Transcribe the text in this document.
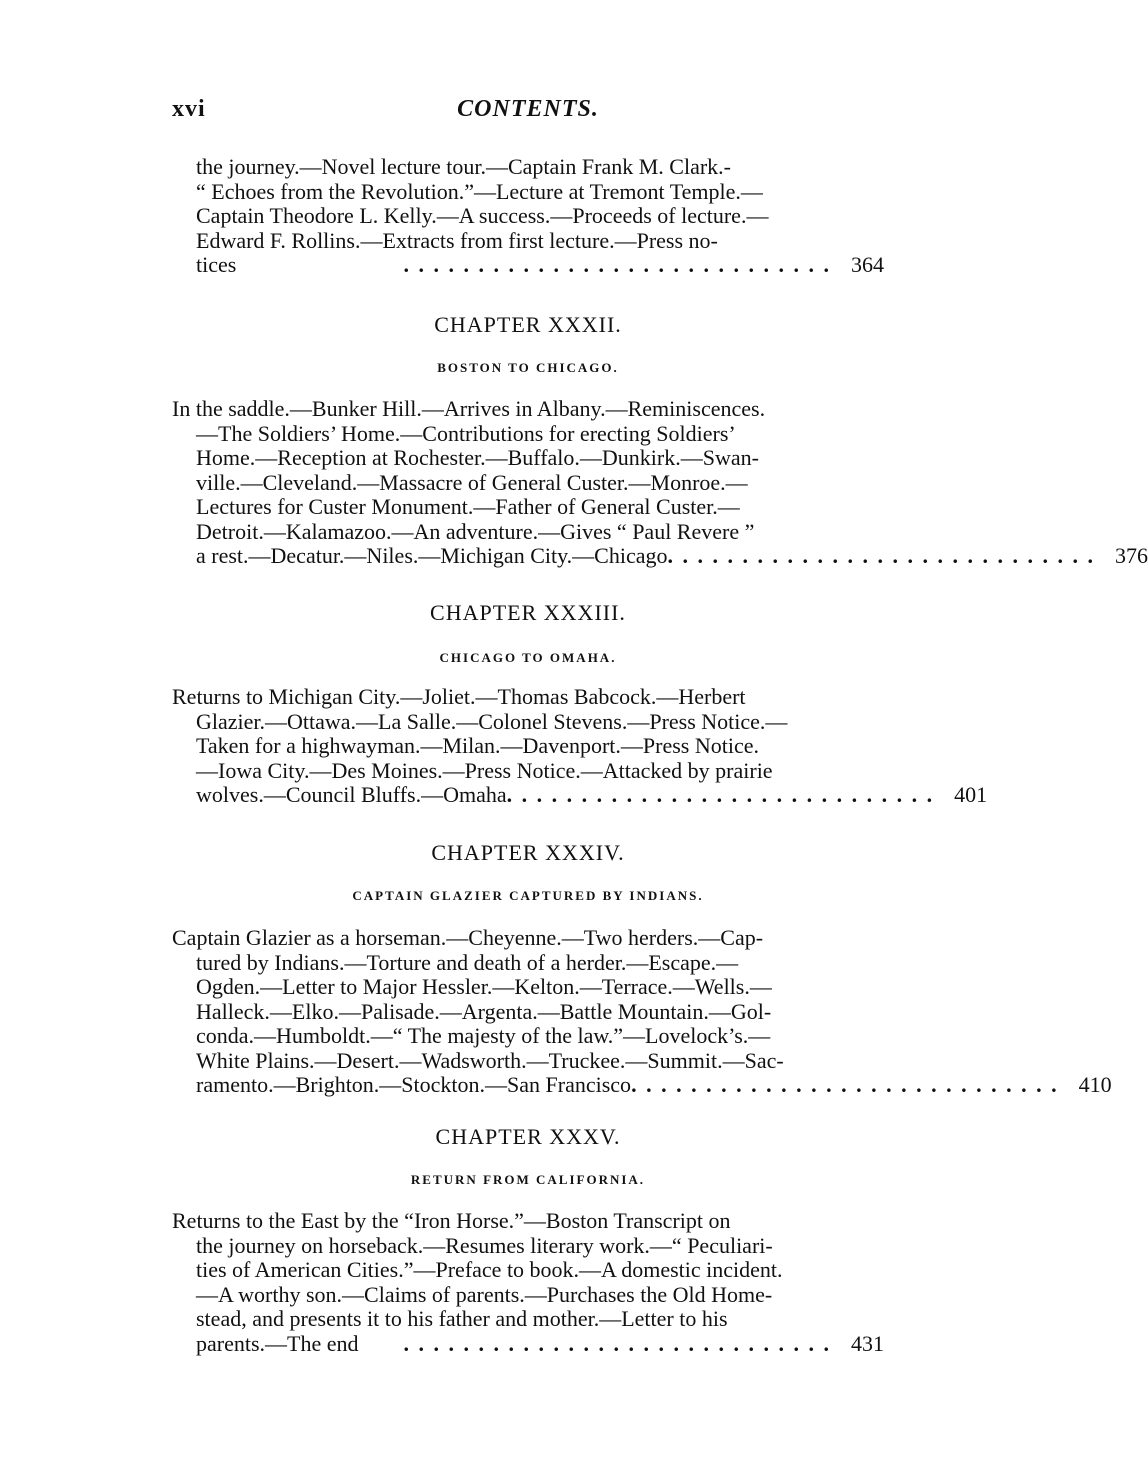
xvi	CONTENTS.
the journey.—Novel lecture tour.—Captain Frank M. Clark.-
“ Echoes from the Revolution.”—Lecture at Tremont Temple.—
Captain Theodore L. Kelly.—A success.—Proceeds of lecture.—
Edward F. Rollins.—Extracts from first lecture.—Press no-
tices	. . . . . . . . . . . . . . . . . . . . . . . . . . . . . 364
CHAPTER XXXII.
BOSTON TO CHICAGO.
In the saddle.—Bunker Hill.—Arrives in Albany.—Reminiscences.
—The Soldiers’ Home.—Contributions for erecting Soldiers’
Home.—Reception at Rochester.—Buffalo.—Dunkirk.—Swan-
ville.—Cleveland.—Massacre of General Custer.—Monroe.—
Lectures for Custer Monument.—Father of General Custer.—
Detroit.—Kalamazoo.—An adventure.—Gives “ Paul Revere ”
a rest.—Decatur.—Niles.—Michigan City.—Chicago . . . . . . . . . . . . . . . . . . . . . . . . . . . . . 376
CHAPTER XXXIII.
CHICAGO TO OMAHA.
Returns to Michigan City.—Joliet.—Thomas Babcock.—Herbert
Glazier.—Ottawa.—La Salle.—Colonel Stevens.—Press Notice.—
Taken for a highwayman.—Milan.—Davenport.—Press Notice.
—Iowa City.—Des Moines.—Press Notice.—Attacked by prairie
wolves.—Council Bluffs.—Omaha . . . . . . . . . . . . . . . . . . . . . . . . . . . . . 401
CHAPTER XXXIV.
CAPTAIN GLAZIER CAPTURED BY INDIANS.
Captain Glazier as a horseman.—Cheyenne.—Two herders.—Cap-
tured by Indians.—Torture and death of a herder.—Escape.—
Ogden.—Letter to Major Hessler.—Kelton.—Terrace.—Wells.—
Halleck.—Elko.—Palisade.—Argenta.—Battle Mountain.—Gol-
conda.—Humboldt.—“ The majesty of the law.”—Lovelock’s.—
White Plains.—Desert.—Wadsworth.—Truckee.—Summit.—Sac-
ramento.—Brighton.—Stockton.—San Francisco . . . . . . . . . . . . . . . . . . . . . . . . . . . . . 410
CHAPTER XXXV.
RETURN FROM CALIFORNIA.
Returns to the East by the “Iron Horse.”—Boston Transcript on
the journey on horseback.—Resumes literary work.—“ Peculiari-
ties of American Cities.”—Preface to book.—A domestic incident.
—A worthy son.—Claims of parents.—Purchases the Old Home-
stead, and presents it to his father and mother.—Letter to his
parents.—The end	. . . . . . . . . . . . . . . . . . . . . . . . . . . . . 431
